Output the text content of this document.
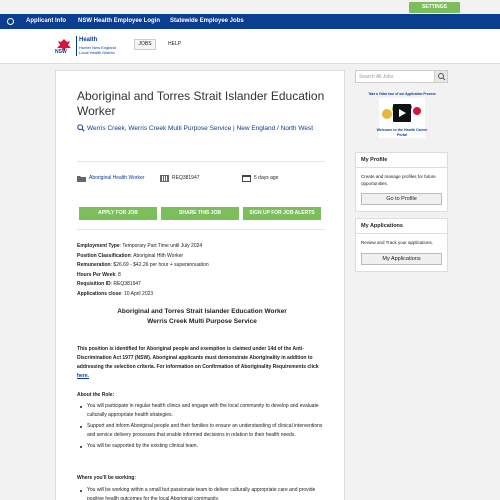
SETTINGS
Applicant Info NSW Health Employee Login Statewide Employee Jobs
NSW
Health
Hunter New England
Local Health District
JOBS	HELP
Aboriginal and Torres Strait Islander Education Worker
Werris Creek, Werris Creek Multi Purpose Service | New England / North West
Aboriginal Health Worker	REQ381947	5 days ago
APPLY FOR JOB	SHARE THIS JOB	SIGN UP FOR JOB ALERTS
Employment Type: Temporary Part Time until July 2024
Position Classification: Aboriginal Hlth Worker
Remuneration: $26.69 - $42.26 per hour + superannuation
Hours Per Week: 8
Requisition ID: REQ381947
Applications close: 10 April 2023
Aboriginal and Torres Strait Islander Education Worker
Werris Creek Multi Purpose Service
This position is identified for Aboriginal people and exemption is claimed under 14d of the Anti-Discrimination Act 1977 (NSW). Aboriginal applicants must demonstrate Aboriginality in addition to addressing the selection criteria. For information on Confirmation of Aboriginality Requirements click here.
About the Role:
You will participate in regular health clinics and engage with the local community to develop and evaluate culturally appropriate health strategies.
Support and inform Aboriginal people and their families to ensure an understanding of clinical interventions and service delivery processes that enable informed decisions in relation to their health needs.
You will be supported by the existing clinical team.
Where you'll be working:
You will be working within a small but passionate team to deliver culturally appropriate care and provide positive health outcomes for the local Aboriginal community.
Search All Jobs
Take a Video tour of our Application Process
Welcome to the Health Career Portal
My Profile
Create and manage profiles for future opportunities.
Go to Profile
My Applications
Review and Track your applications.
My Applications
